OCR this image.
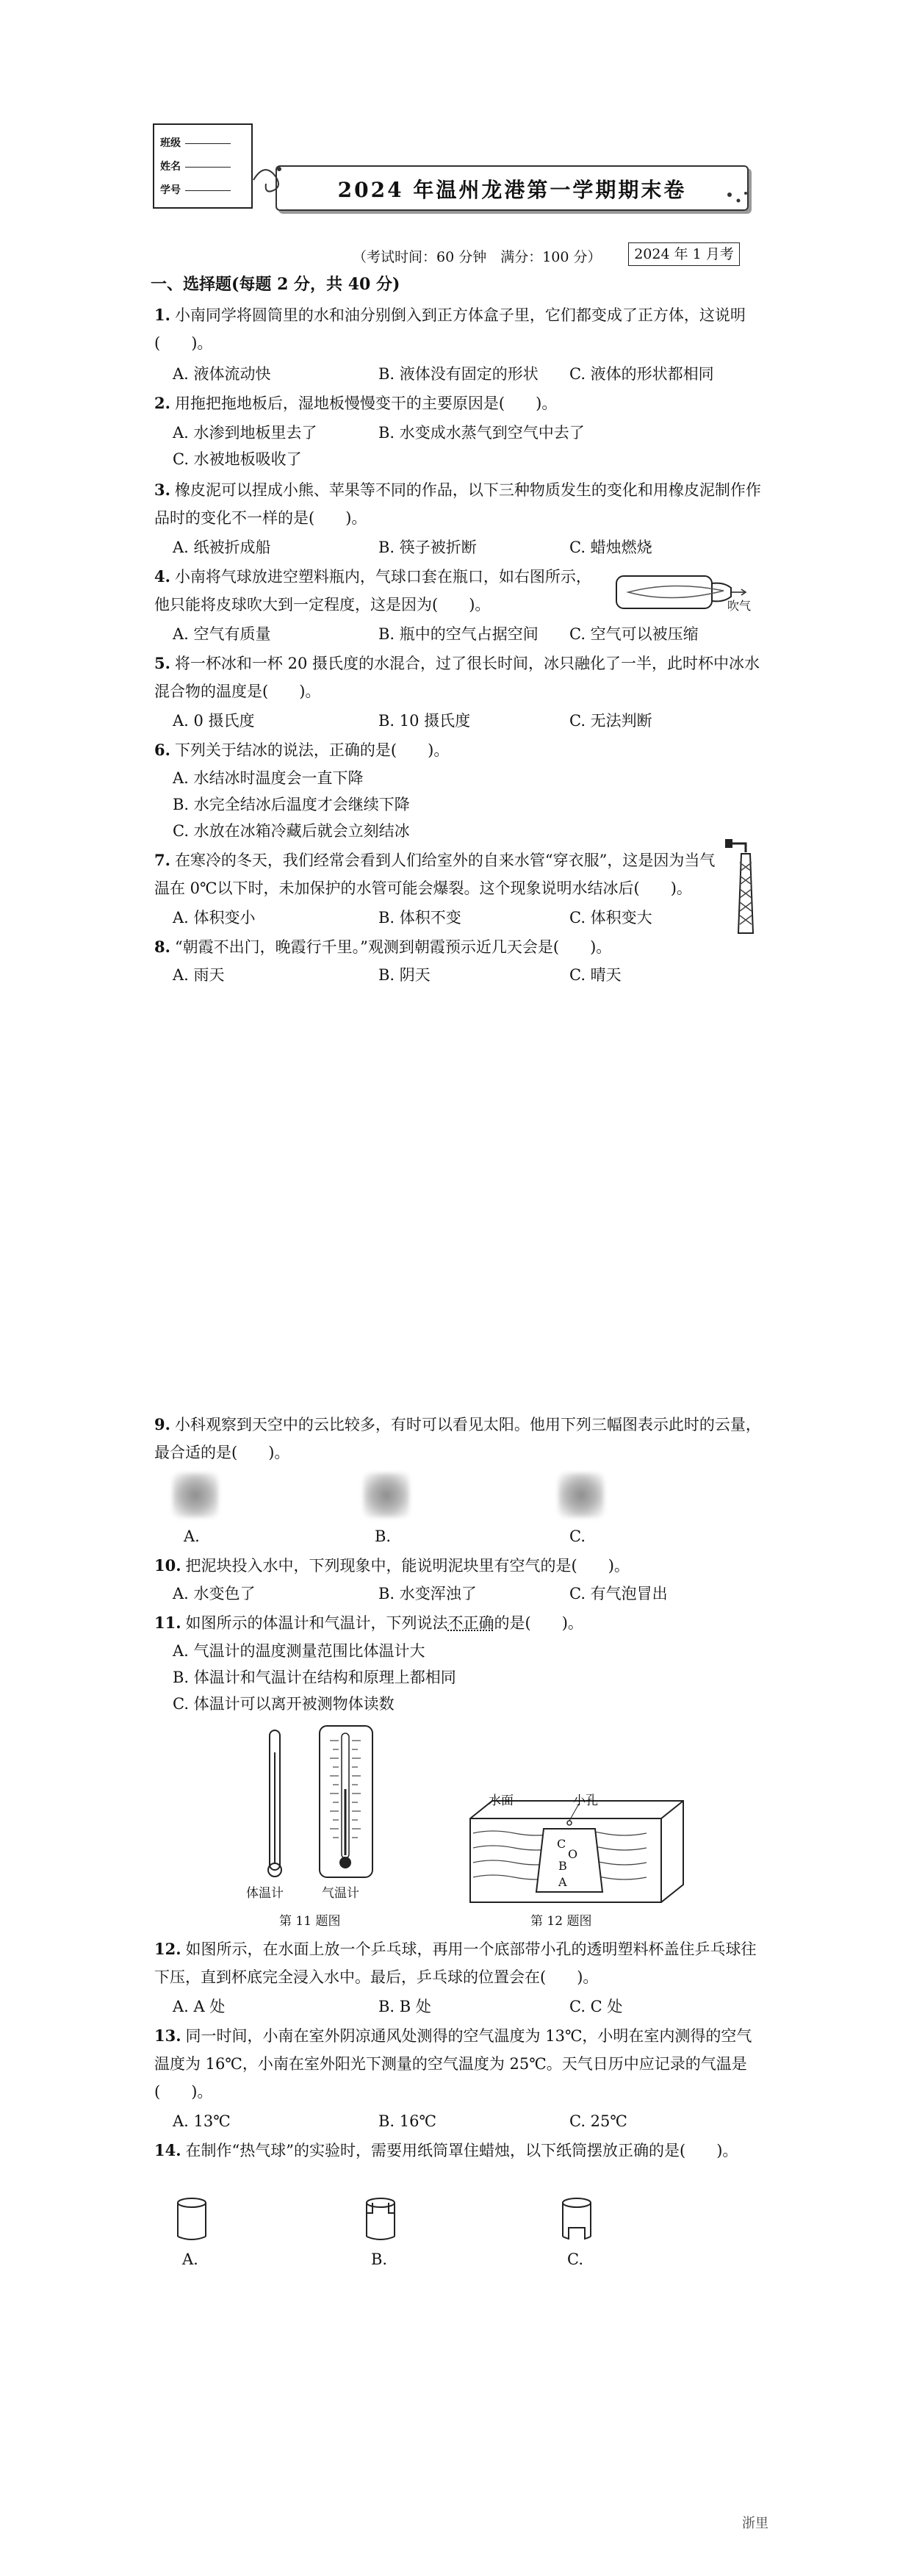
班级
姓名
学号	2024 年温州龙港第一学期期末卷
（考试时间：60 分钟　满分：100 分）	2024 年 1 月考
一、选择题(每题 2 分，共 40 分)
1. 小南同学将圆筒里的水和油分别倒入到正方体盒子里，它们都变成了正方体，这说明(　　)。
A. 液体流动快	B. 液体没有固定的形状 C. 液体的形状都相同
2. 用拖把拖地板后，湿地板慢慢变干的主要原因是(　　)。
A. 水渗到地板里去了	B. 水变成水蒸气到空气中去了
C. 水被地板吸收了
3. 橡皮泥可以捏成小熊、苹果等不同的作品，以下三种物质发生的变化和用橡皮泥制作作品时的变化不一样的是(　　)。
A. 纸被折成船	B. 筷子被折断	C. 蜡烛燃烧
4. 小南将气球放进空塑料瓶内，气球口套在瓶口，如右图所示，他只能将皮球吹大到一定程度，这是因为(　　)。	吹气
A. 空气有质量	B. 瓶中的空气占据空间 C. 空气可以被压缩
5. 将一杯冰和一杯 20 摄氏度的水混合，过了很长时间，冰只融化了一半，此时杯中冰水混合物的温度是(　　)。
A. 0 摄氏度	B. 10 摄氏度	C. 无法判断
6. 下列关于结冰的说法，正确的是(　　)。
A. 水结冰时温度会一直下降
B. 水完全结冰后温度才会继续下降
C. 水放在冰箱冷藏后就会立刻结冰
7. 在寒冷的冬天，我们经常会看到人们给室外的自来水管“穿衣服”，这是因为当气温在 0℃以下时，未加保护的水管可能会爆裂。这个现象说明水结冰后(　　)。
A. 体积变小	B. 体积不变	C. 体积变大
8. “朝霞不出门，晚霞行千里。”观测到朝霞预示近几天会是(　　)。
A. 雨天	B. 阴天	C. 晴天
9. 小科观察到天空中的云比较多，有时可以看见太阳。他用下列三幅图表示此时的云量，最合适的是(　　)。
A.	B.	C.
10. 把泥块投入水中，下列现象中，能说明泥块里有空气的是(　　)。
A. 水变色了	B. 水变浑浊了	C. 有气泡冒出
11. 如图所示的体温计和气温计，下列说法不正确的是(　　)。
A. 气温计的温度测量范围比体温计大
B. 体温计和气温计在结构和原理上都相同
C. 体温计可以离开被测物体读数
体温计	气温计
第 11 题图
水面	小孔
C
O
B
A
第 12 题图
12. 如图所示，在水面上放一个乒乓球，再用一个底部带小孔的透明塑料杯盖住乒乓球往下压，直到杯底完全浸入水中。最后，乒乓球的位置会在(　　)。
A. A 处	B. B 处	C. C 处
13. 同一时间，小南在室外阴凉通风处测得的空气温度为 13℃，小明在室内测得的空气温度为 16℃，小南在室外阳光下测量的空气温度为 25℃。天气日历中应记录的气温是(　　)。
A. 13℃	B. 16℃	C. 25℃
14. 在制作“热气球”的实验时，需要用纸筒罩住蜡烛，以下纸筒摆放正确的是(　　)。
A.	B.	C.
浙里
